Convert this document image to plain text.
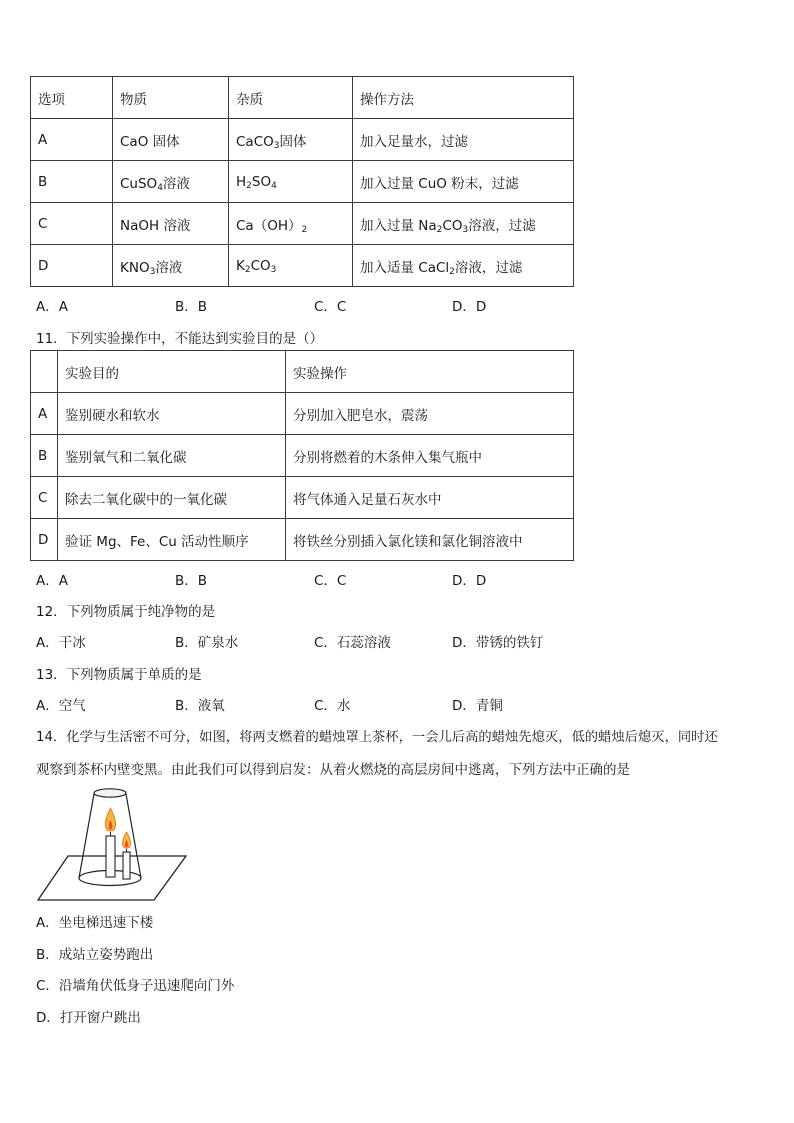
选项	物质	杂质	操作方法
A	CaO 固体	CaCO$_3$固体	加入足量水，过滤
B	CuSO$_4$溶液	$H_2SO_4$	加入过量 CuO 粉末，过滤
C	NaOH 溶液	$Ca(OH)_2$	加入过量 $Na_2CO_3$溶液，过滤
D	$KNO_3$溶液	$K_2CO_3$	加入适量 CaCl$_2$溶液，过滤
A．A	B．B	C．C	D．D
11．下列实验操作中，不能达到实验目的是（）
	实验目的	实验操作
A	鉴别硬水和软水	分别加入肥皂水，震荡
B	鉴别氧气和二氧化碳	分别将燃着的木条伸入集气瓶中
C	除去二氧化碳中的一氧化碳	将气体通入足量石灰水中
D	验证 Mg、Fe、Cu 活动性顺序	将铁丝分别插入氯化镁和氯化铜溶液中
A．A	B．B	C．C	D．D
12．下列物质属于纯净物的是
A．干冰	B．矿泉水	C．石蕊溶液	D．带锈的铁钉
13．下列物质属于单质的是
A．空气	B．液氧	C．水	D．青铜
14．化学与生活密不可分，如图，将两支燃着的蜡烛罩上茶杯，一会儿后高的蜡烛先熄灭，低的蜡烛后熄灭，同时还
观察到茶杯内壁变黑。由此我们可以得到启发：从着火燃烧的高层房间中逃离，下列方法中正确的是
A．坐电梯迅速下楼
B．成站立姿势跑出
C．沿墙角伏低身子迅速爬向门外
D．打开窗户跳出
